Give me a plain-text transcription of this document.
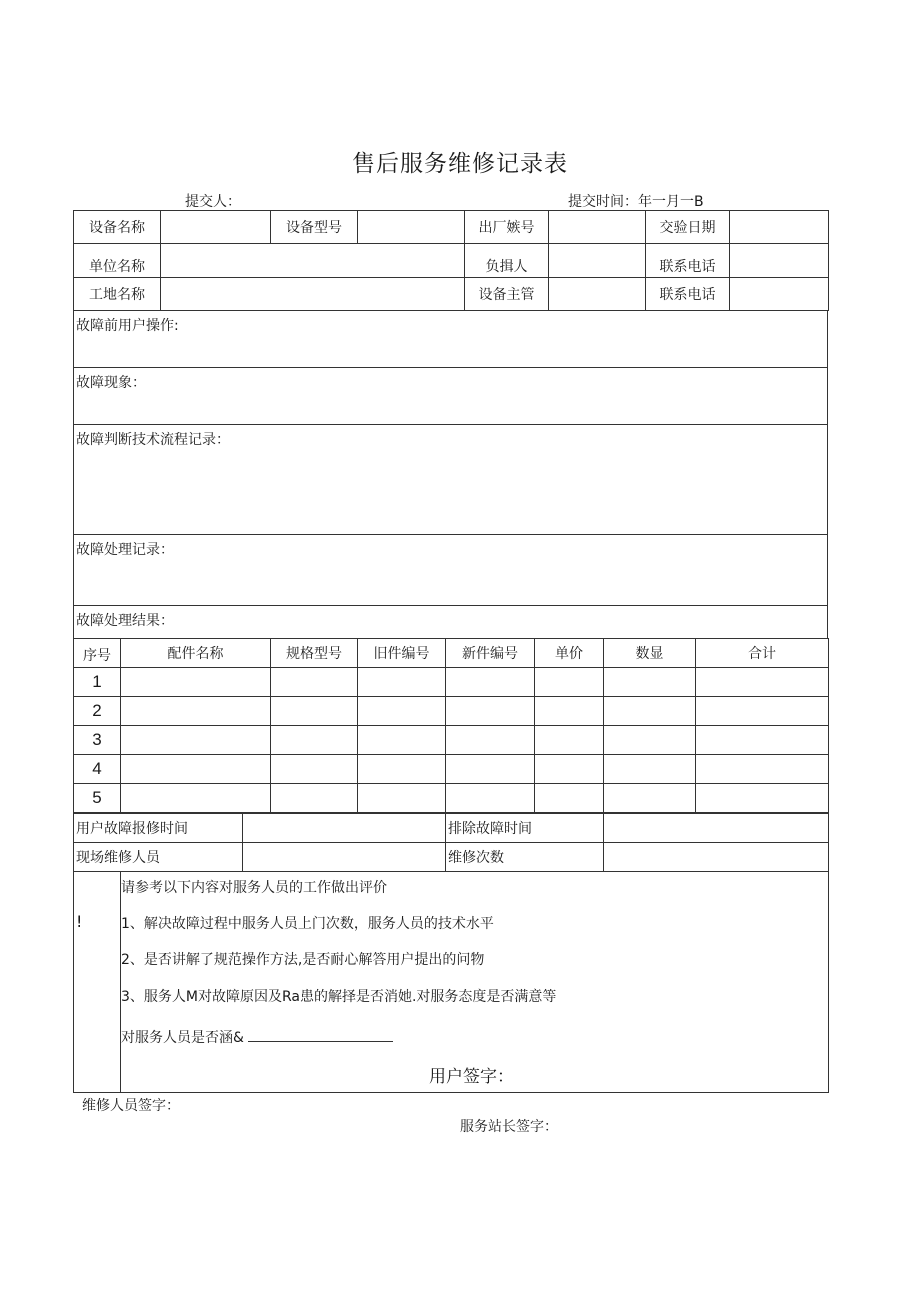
售后服务维修记录表
提交人：	提交时间：年一月一B
设备名称		设备型号		出厂嫉号		交验日期	
单位名称				负揖人		联系电话	
工地名称				设备主管		联系电话	
故障前用户操作:
故障现象：
故障判断技术流程记录：
故障处理记录：
故障处理结果：
序号	配件名称	规格型号	旧件编号	新件编号	单价	数显	合计
1							
2							
3							
4							
5							
用户故障报修时间		排除故障时间	
现场维修人员		维修次数	
!	
请参考以下内容对服务人员的工作做出评价
1、解决故障过程中服务人员上门次数，服务人员的技术水平
2、是否讲解了规范操作方法,是否耐心解答用户提出的问物
3、服务人M对故障原因及Ra患的解择是否消她.对服务态度是否满意等
对服务人员是否涵&
用户签字：
维修人员签字：
服务站长签字：
